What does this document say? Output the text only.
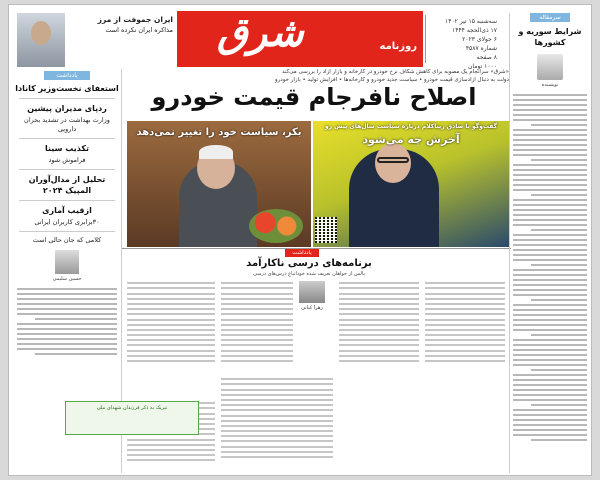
ایران جموفت از مرز
مذاکره ایران نکرده است شرق	روزنامه
سه‌شنبه ۱۵ تیر ۱۴۰۲
۱۷ ذی‌الحجه ۱۴۴۴
۶ جولای ۲۰۲۳
شماره ۴۵۸۷
۸ صفحه
۱۰۰۰ تومان
سرمقاله
شرایط سوریه و کشورها
نویسنده
«شرق» سرانجام یک مصوبه برای کاهش شکاف نرخ خودرو در کارخانه و بازار آزاد را بررسی می‌کند
دولت به دنبال آزادسازی قیمت خودرو • سیاست جدید خودرو و کارخانه‌ها • افزایش تولید • بازار خودرو
اصلاح نافرجام قیمت خودرو
گفت‌وگو با صادق زیباکلام درباره سیاست سال‌های پیش رو
آخرش چه می‌شود
بکر، سیاست خود را تغییر نمی‌دهد
یادداشت
استعفای نخست‌وزیر کانادا
ردپای مدیران پیشین
وزارت بهداشت در تشدید بحران دارویی
تکذیب سینا
فراموش شود
تحلیل از مدال‌آوران المپیک ۲۰۲۴
ازقیب آماری
۳۰برابری کاربران ایرانی
کلامی که جان‌ حالی است
حسین سلیمی
یادداشت
برنامه‌های درسی ناکارآمد
پالس از خواهان تعریف شده خوداتباع درس‌های درسی
زهرا کیانی
تبریک به ذکر فرزندان شهدای ملی
